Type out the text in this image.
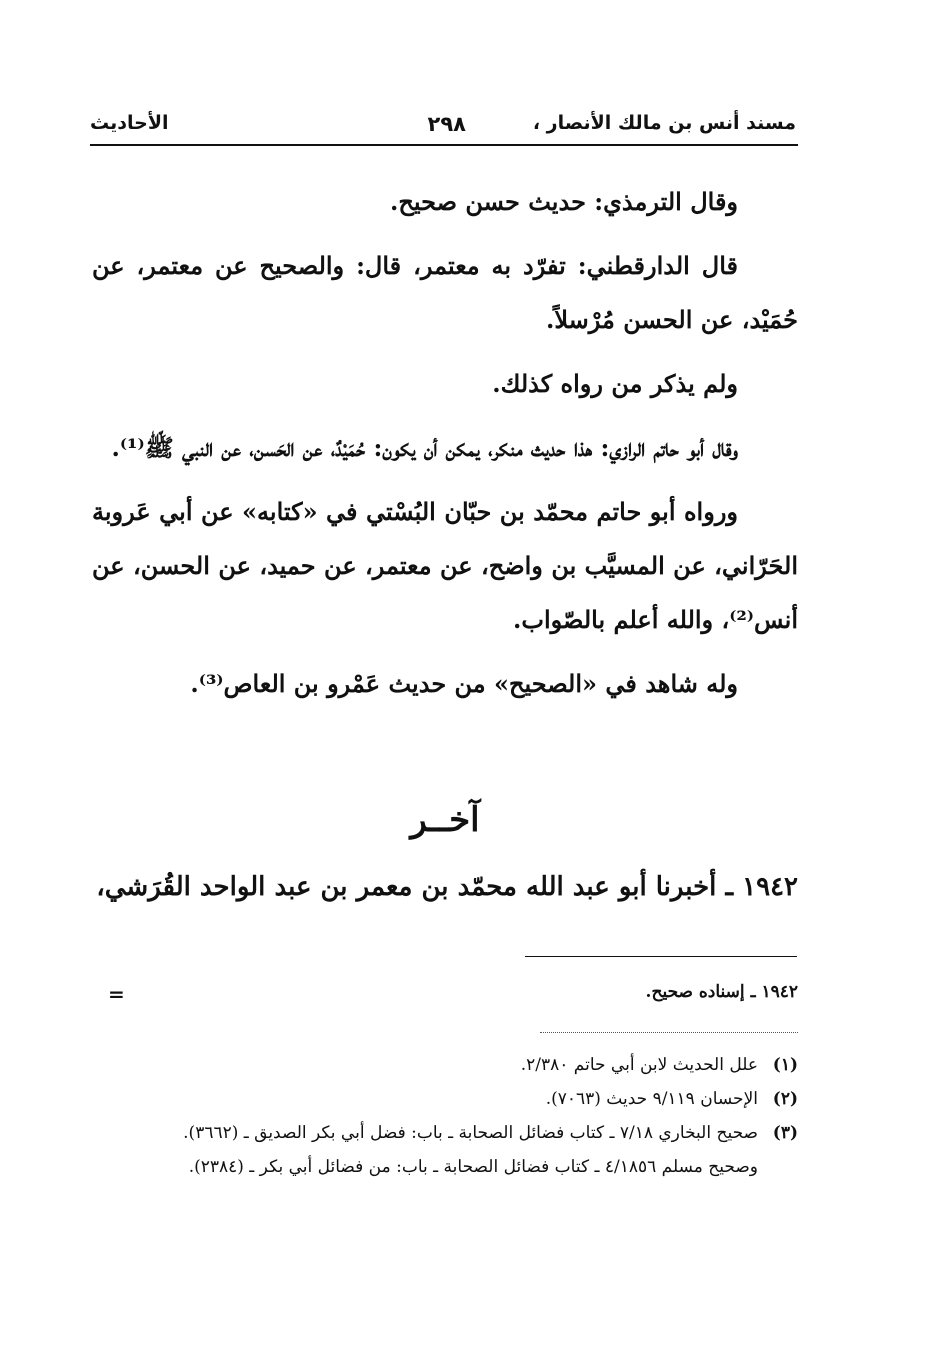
مسند أنس بن مالك الأنصار ،
٢٩٨
الأحاديث

وقال الترمذي: حديث حسن صحيح.

قال الدارقطني: تفرّد به معتمر، قال: والصحيح عن معتمر، عن حُمَيْد، عن الحسن مُرْسلاً.

ولم يذكر من رواه كذلك.

وقال أبو حاتم الرازي: هذا حديث منكر، يمكن أن يكون: حُمَيْدٌ، عن الحَسن، عن النبي ﷺ⁽¹⁾.

ورواه أبو حاتم محمّد بن حبّان البُسْتي في «كتابه» عن أبي عَروبة الحَرّاني، عن المسيَّب بن واضح، عن معتمر، عن حميد، عن الحسن، عن أنس⁽²⁾، والله أعلم بالصّواب.

وله شاهد في «الصحيح» من حديث عَمْرو بن العاص⁽³⁾.

آخــر
١٩٤٢ ـ أخبرنا أبو عبد الله محمّد بن معمر بن عبد الواحد القُرَشي،
١٩٤٢ ـ إسناده صحيح.
=

(١)
علل الحديث لابن أبي حاتم ٢/٣٨٠.

(٢)
الإحسان ٩/١١٩ حديث (٧٠٦٣).

(٣)
صحيح البخاري ٧/١٨ ـ كتاب فضائل الصحابة ـ باب: فضل أبي بكر الصديق ـ (٣٦٦٢).

وصحيح مسلم ٤/١٨٥٦ ـ كتاب فضائل الصحابة ـ باب: من فضائل أبي بكر ـ (٢٣٨٤).
